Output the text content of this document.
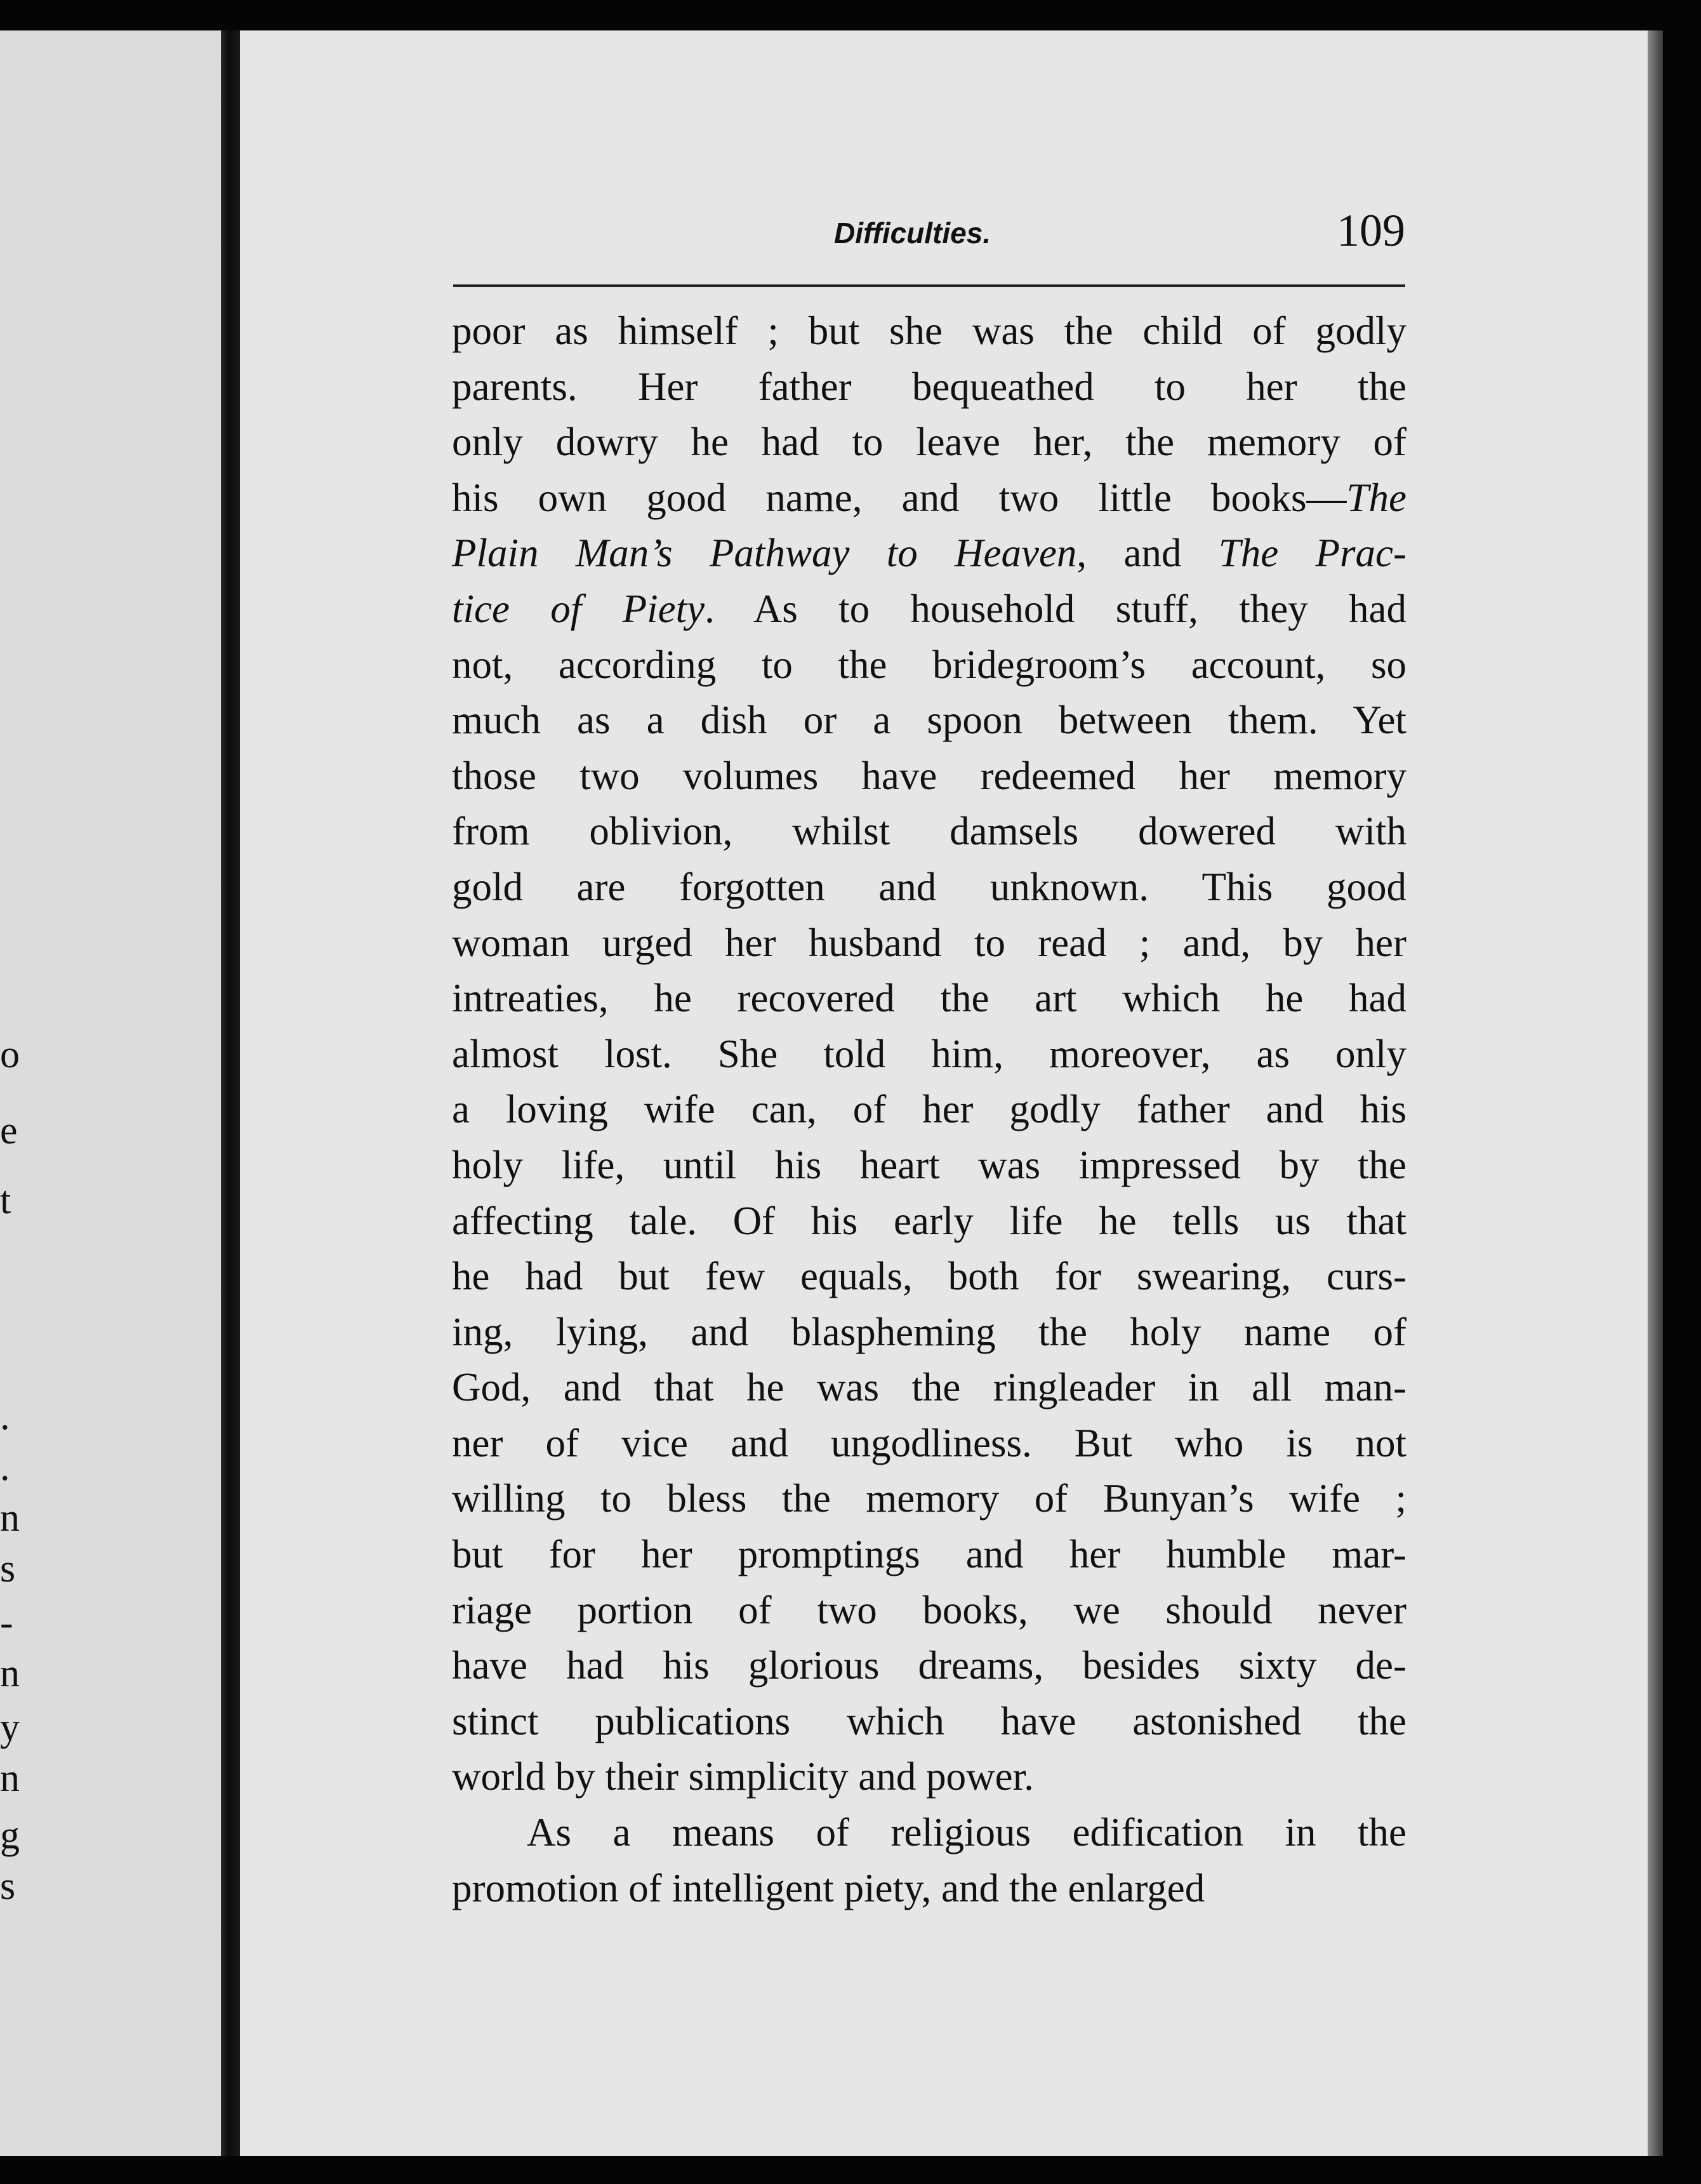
o
e
t
.
.
n
s
-
n
y
n
g
s
Difficulties.	109

poor as himself ; but she was the child of godly
parents. Her father bequeathed to her the
only dowry he had to leave her, the memory of
his own good name, and two little books—The
Plain Man’s Pathway to Heaven, and The Prac-
tice of Piety. As to household stuff, they had
not, according to the bridegroom’s account, so
much as a dish or a spoon between them. Yet
those two volumes have redeemed her memory
from oblivion, whilst damsels dowered with
gold are forgotten and unknown. This good
woman urged her husband to read ; and, by her
intreaties, he recovered the art which he had
almost lost. She told him, moreover, as only
a loving wife can, of her godly father and his
holy life, until his heart was impressed by the
affecting tale. Of his early life he tells us that
he had but few equals, both for swearing, curs-
ing, lying, and blaspheming the holy name of
God, and that he was the ringleader in all man-
ner of vice and ungodliness. But who is not
willing to bless the memory of Bunyan’s wife ;
but for her promptings and her humble mar-
riage portion of two books, we should never
have had his glorious dreams, besides sixty de-
stinct publications which have astonished the
world by their simplicity and power.

As a means of religious edification in the
promotion of intelligent piety, and the enlarged
